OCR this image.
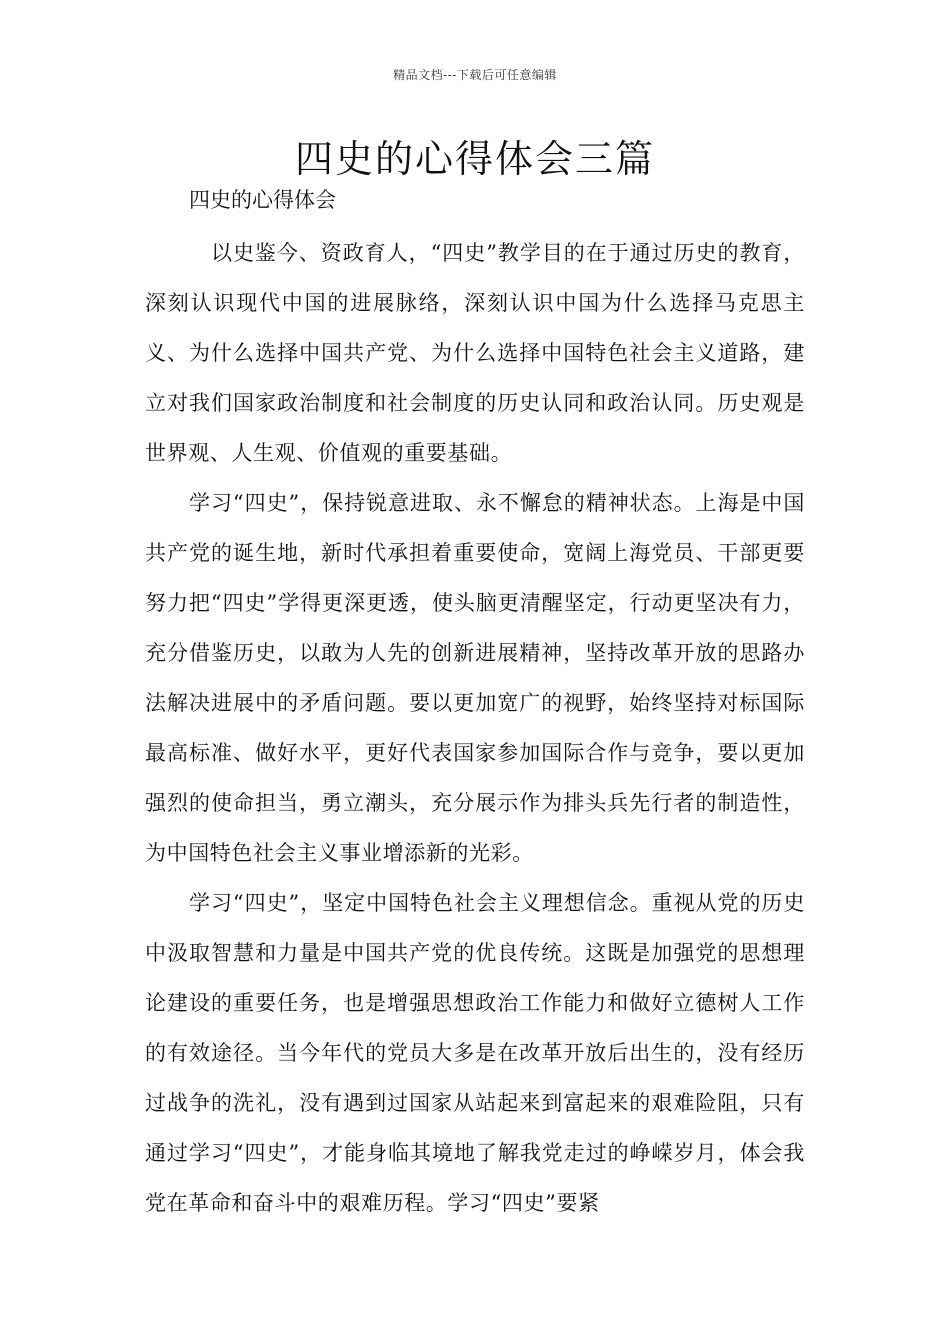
精品文档---下载后可任意编辑
四史的心得体会三篇

四史的心得体会

以史鉴今、资政育人，“四史”教学目的在于通过历史的教育，深刻认识现代中国的进展脉络，深刻认识中国为什么选择马克思主义、为什么选择中国共产党、为什么选择中国特色社会主义道路，建立对我们国家政治制度和社会制度的历史认同和政治认同。历史观是世界观、人生观、价值观的重要基础。

学习“四史”，保持锐意进取、永不懈怠的精神状态。上海是中国共产党的诞生地，新时代承担着重要使命，宽阔上海党员、干部更要努力把“四史”学得更深更透，使头脑更清醒坚定，行动更坚决有力，充分借鉴历史，以敢为人先的创新进展精神，坚持改革开放的思路办法解决进展中的矛盾问题。要以更加宽广的视野，始终坚持对标国际最高标准、做好水平，更好代表国家参加国际合作与竞争，要以更加强烈的使命担当，勇立潮头，充分展示作为排头兵先行者的制造性，为中国特色社会主义事业增添新的光彩。

学习“四史”，坚定中国特色社会主义理想信念。重视从党的历史中汲取智慧和力量是中国共产党的优良传统。这既是加强党的思想理论建设的重要任务，也是增强思想政治工作能力和做好立德树人工作的有效途径。当今年代的党员大多是在改革开放后出生的，没有经历过战争的洗礼，没有遇到过国家从站起来到富起来的艰难险阻，只有通过学习“四史”，才能身临其境地了解我党走过的峥嵘岁月，体会我党在革命和奋斗中的艰难历程。学习“四史”要紧
